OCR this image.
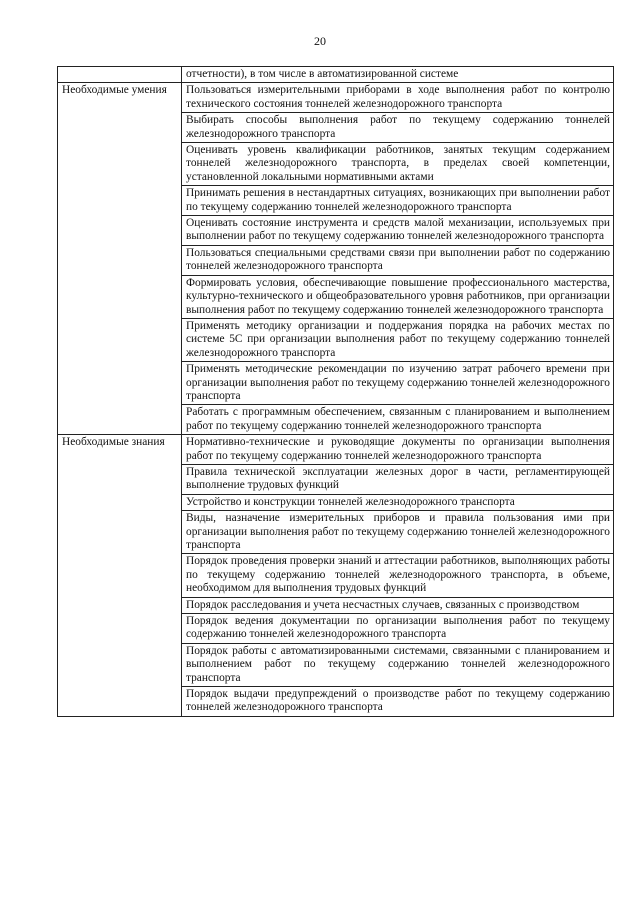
20
	отчетности), в том числе в автоматизированной системе
Необходимые умения	Пользоваться измерительными приборами в ходе выполнения работ по контролю технического состояния тоннелей железнодорожного транспорта
	Выбирать способы выполнения работ по текущему содержанию тоннелей железнодорожного транспорта
	Оценивать уровень квалификации работников, занятых текущим содержанием тоннелей железнодорожного транспорта, в пределах своей компетенции, установленной локальными нормативными актами
	Принимать решения в нестандартных ситуациях, возникающих при выполнении работ по текущему содержанию тоннелей железнодорожного транспорта
	Оценивать состояние инструмента и средств малой механизации, используемых при выполнении работ по текущему содержанию тоннелей железнодорожного транспорта
	Пользоваться специальными средствами связи при выполнении работ по содержанию тоннелей железнодорожного транспорта
	Формировать условия, обеспечивающие повышение профессионального мастерства, культурно-технического и общеобразовательного уровня работников, при организации выполнения работ по текущему содержанию тоннелей железнодорожного транспорта
	Применять методику организации и поддержания порядка на рабочих местах по системе 5С при организации выполнения работ по текущему содержанию тоннелей железнодорожного транспорта
	Применять методические рекомендации по изучению затрат рабочего времени при организации выполнения работ по текущему содержанию тоннелей железнодорожного транспорта
	Работать с программным обеспечением, связанным с планированием и выполнением работ по текущему содержанию тоннелей железнодорожного транспорта
Необходимые знания	Нормативно-технические и руководящие документы по организации выполнения работ по текущему содержанию тоннелей железнодорожного транспорта
	Правила технической эксплуатации железных дорог в части, регламентирующей выполнение трудовых функций
	Устройство и конструкции тоннелей железнодорожного транспорта
	Виды, назначение измерительных приборов и правила пользования ими при организации выполнения работ по текущему содержанию тоннелей железнодорожного транспорта
	Порядок проведения проверки знаний и аттестации работников, выполняющих работы по текущему содержанию тоннелей железнодорожного транспорта, в объеме, необходимом для выполнения трудовых функций
	Порядок расследования и учета несчастных случаев, связанных с производством
	Порядок ведения документации по организации выполнения работ по текущему содержанию тоннелей железнодорожного транспорта
	Порядок работы с автоматизированными системами, связанными с планированием и выполнением работ по текущему содержанию тоннелей железнодорожного транспорта
	Порядок выдачи предупреждений о производстве работ по текущему содержанию тоннелей железнодорожного транспорта
